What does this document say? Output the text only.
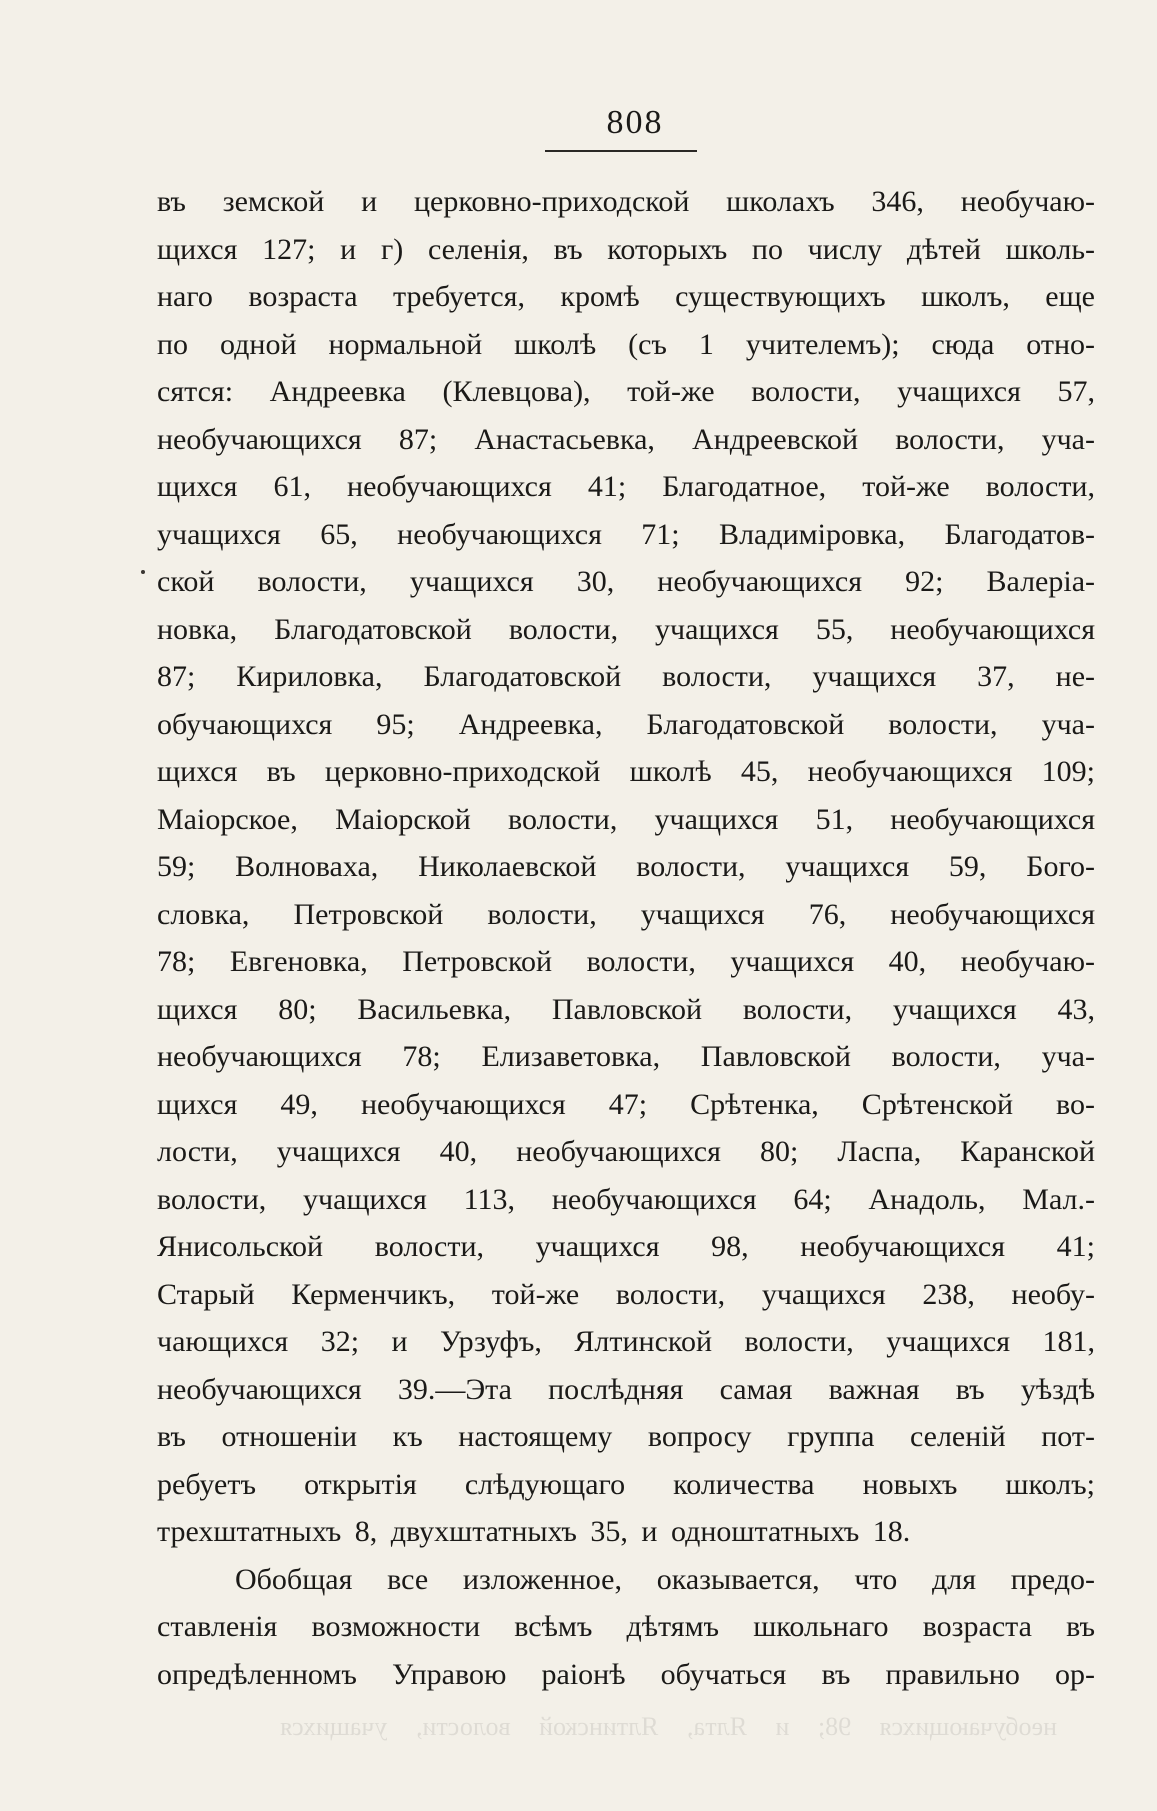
808
въ земской и церковно-приходской школахъ 346, необучаю-
щихся 127; и г) селенія, въ которыхъ по числу дѣтей школь-
наго возраста требуется, кромѣ существующихъ школъ, еще
по одной нормальной школѣ (съ 1 учителемъ); сюда отно-
сятся: Андреевка (Клевцова), той-же волости, учащихся 57,
необучающихся 87; Анастасьевка, Андреевской волости, уча-
щихся 61, необучающихся 41; Благодатное, той-же волости,
учащихся 65, необучающихся 71; Владиміровка, Благодатов-
ской волости, учащихся 30, необучающихся 92; Валеріа-
новка, Благодатовской волости, учащихся 55, необучающихся
87; Кириловка, Благодатовской волости, учащихся 37, не-
обучающихся 95; Андреевка, Благодатовской волости, уча-
щихся въ церковно-приходской школѣ 45, необучающихся 109;
Маіорское, Маіорской волости, учащихся 51, необучающихся
59; Волноваха, Николаевской волости, учащихся 59, Бого-
словка, Петровской волости, учащихся 76, необучающихся
78; Евгеновка, Петровской волости, учащихся 40, необучаю-
щихся 80; Васильевка, Павловской волости, учащихся 43,
необучающихся 78; Елизаветовка, Павловской волости, уча-
щихся 49, необучающихся 47; Срѣтенка, Срѣтенской во-
лости, учащихся 40, необучающихся 80; Ласпа, Каранской
волости, учащихся 113, необучающихся 64; Анадоль, Мал.-
Янисольской волости, учащихся 98, необучающихся 41;
Старый Керменчикъ, той-же волости, учащихся 238, необу-
чающихся 32; и Урзуфъ, Ялтинской волости, учащихся 181,
необучающихся 39.—Эта послѣдняя самая важная въ уѣздѣ
въ отношеніи къ настоящему вопросу группа селеній пот-
ребуетъ открытія слѣдующаго количества новыхъ школъ;
трехштатныхъ 8, двухштатныхъ 35, и одноштатныхъ 18.
Обобщая все изложенное, оказывается, что для предо-
ставленія возможности всѣмъ дѣтямъ школьнаго возраста въ
опредѣленномъ Управою раіонѣ обучаться въ правильно ор-
необучающихся 98; и Ялта, Ялтинской волости, учащихся
